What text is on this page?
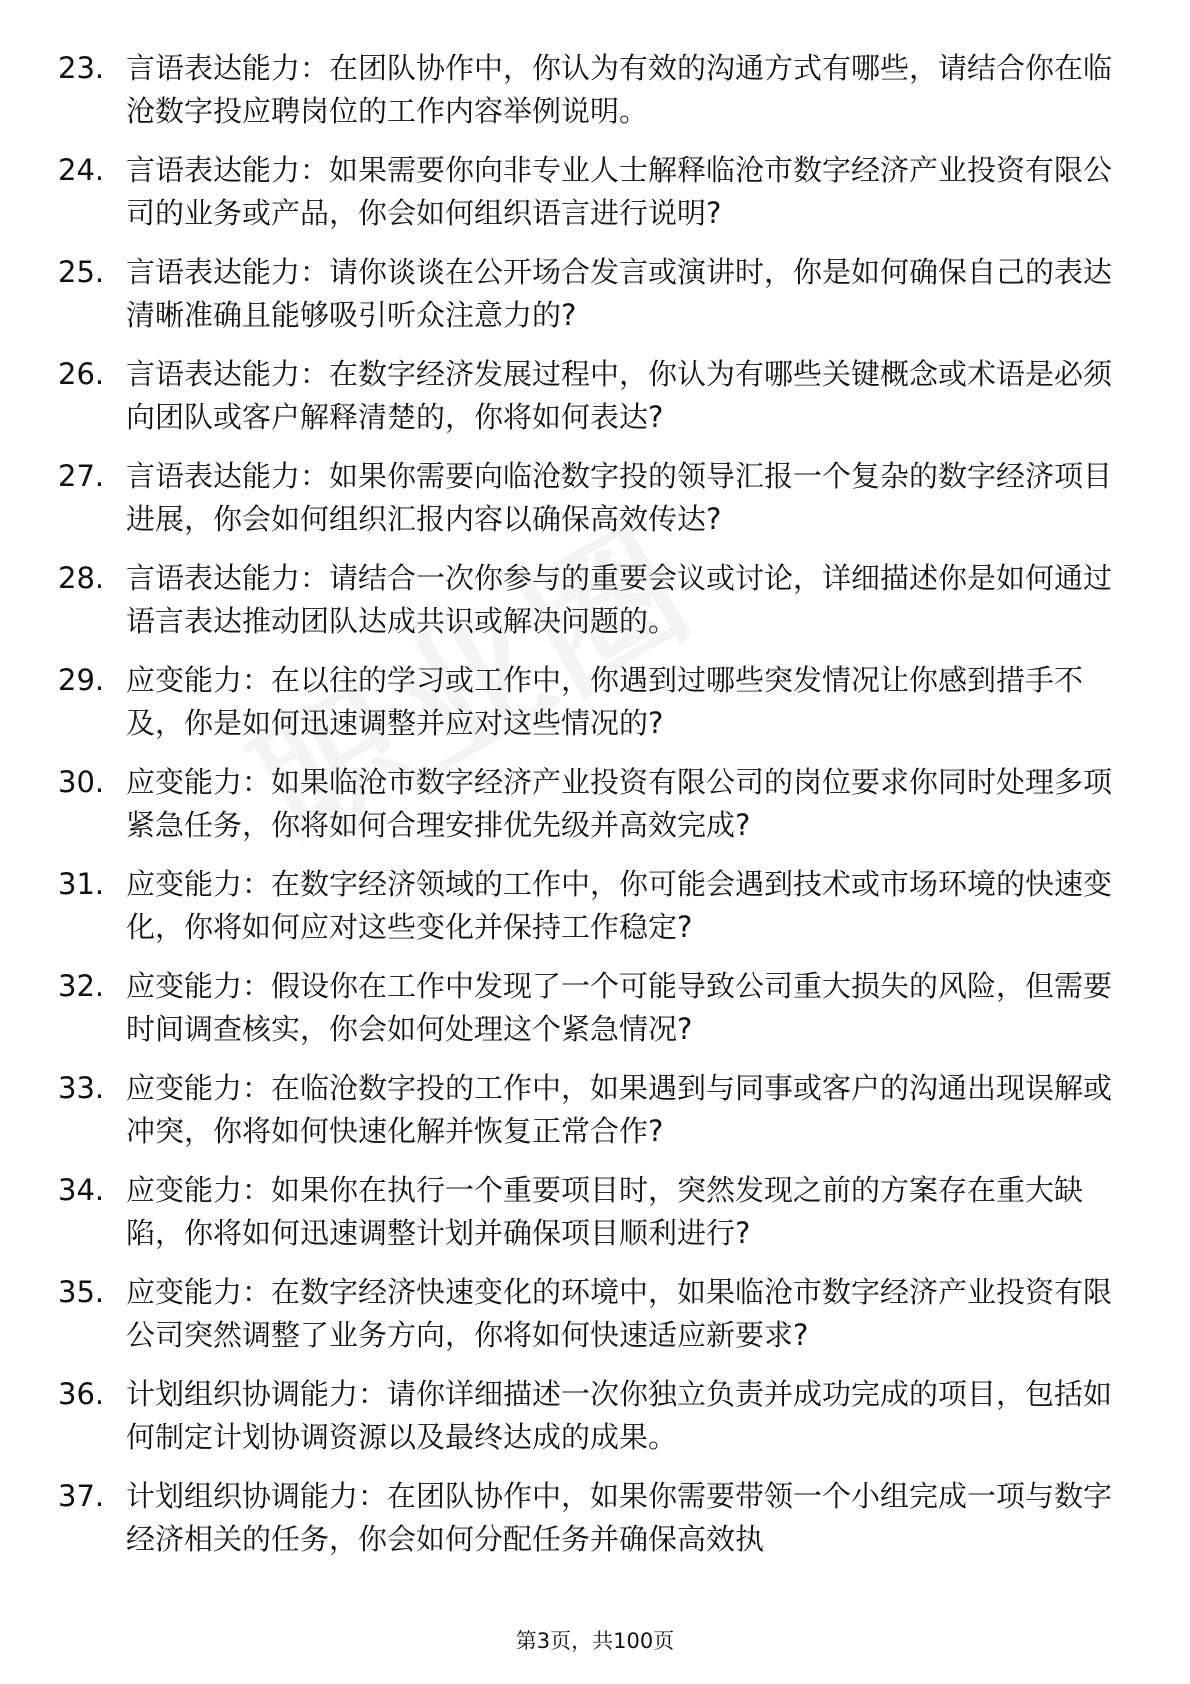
23. 言语表达能力：在团队协作中，你认为有效的沟通方式有哪些，请结合你在临沧数字投应聘岗位的工作内容举例说明。
24. 言语表达能力：如果需要你向非专业人士解释临沧市数字经济产业投资有限公司的业务或产品，你会如何组织语言进行说明?
25. 言语表达能力：请你谈谈在公开场合发言或演讲时，你是如何确保自己的表达清晰准确且能够吸引听众注意力的?
26. 言语表达能力：在数字经济发展过程中，你认为有哪些关键概念或术语是必须向团队或客户解释清楚的，你将如何表达?
27. 言语表达能力：如果你需要向临沧数字投的领导汇报一个复杂的数字经济项目进展，你会如何组织汇报内容以确保高效传达?
28. 言语表达能力：请结合一次你参与的重要会议或讨论，详细描述你是如何通过语言表达推动团队达成共识或解决问题的。
29. 应变能力：在以往的学习或工作中，你遇到过哪些突发情况让你感到措手不及，你是如何迅速调整并应对这些情况的?
30. 应变能力：如果临沧市数字经济产业投资有限公司的岗位要求你同时处理多项紧急任务，你将如何合理安排优先级并高效完成?
31. 应变能力：在数字经济领域的工作中，你可能会遇到技术或市场环境的快速变化，你将如何应对这些变化并保持工作稳定?
32. 应变能力：假设你在工作中发现了一个可能导致公司重大损失的风险，但需要时间调查核实，你会如何处理这个紧急情况?
33. 应变能力：在临沧数字投的工作中，如果遇到与同事或客户的沟通出现误解或冲突，你将如何快速化解并恢复正常合作?
34. 应变能力：如果你在执行一个重要项目时，突然发现之前的方案存在重大缺陷，你将如何迅速调整计划并确保项目顺利进行?
35. 应变能力：在数字经济快速变化的环境中，如果临沧市数字经济产业投资有限公司突然调整了业务方向，你将如何快速适应新要求?
36. 计划组织协调能力：请你详细描述一次你独立负责并成功完成的项目，包括如何制定计划协调资源以及最终达成的成果。
37. 计划组织协调能力：在团队协作中，如果你需要带领一个小组完成一项与数字经济相关的任务，你会如何分配任务并确保高效执
第3页，共100页
